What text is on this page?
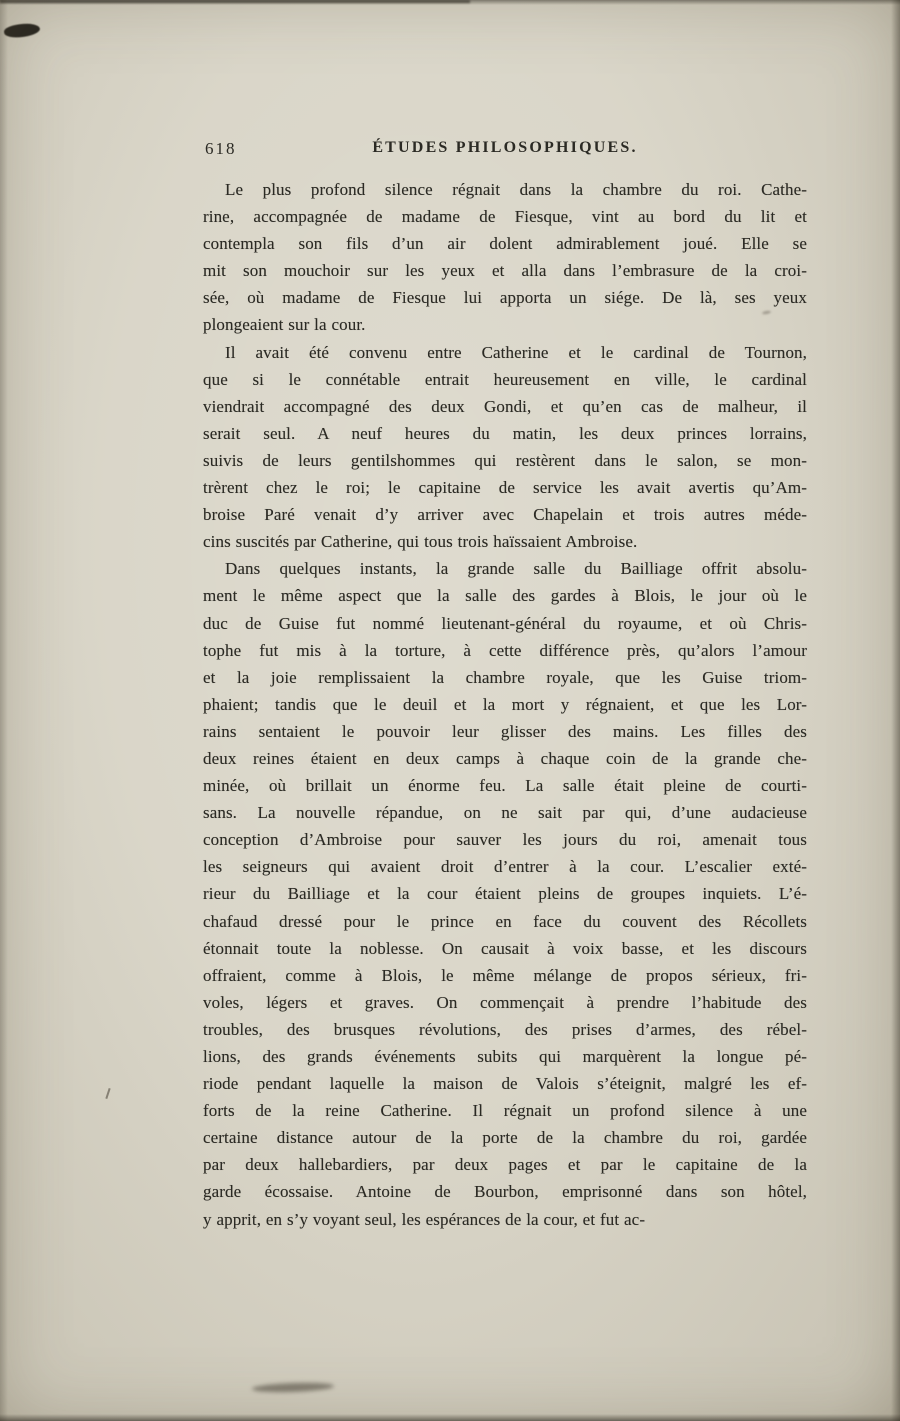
618	ÉTUDES PHILOSOPHIQUES.
Le plus profond silence régnait dans la chambre du roi. Cathe-
rine, accompagnée de madame de Fiesque, vint au bord du lit et
contempla son fils d’un air dolent admirablement joué. Elle se
mit son mouchoir sur les yeux et alla dans l’embrasure de la croi-
sée, où madame de Fiesque lui apporta un siége. De là, ses yeux
plongeaient sur la cour.
Il avait été convenu entre Catherine et le cardinal de Tournon,
que si le connétable entrait heureusement en ville, le cardinal
viendrait accompagné des deux Gondi, et qu’en cas de malheur, il
serait seul. A neuf heures du matin, les deux princes lorrains,
suivis de leurs gentilshommes qui restèrent dans le salon, se mon-
trèrent chez le roi; le capitaine de service les avait avertis qu’Am-
broise Paré venait d’y arriver avec Chapelain et trois autres méde-
cins suscités par Catherine, qui tous trois haïssaient Ambroise.
Dans quelques instants, la grande salle du Bailliage offrit absolu-
ment le même aspect que la salle des gardes à Blois, le jour où le
duc de Guise fut nommé lieutenant-général du royaume, et où Chris-
tophe fut mis à la torture, à cette différence près, qu’alors l’amour
et la joie remplissaient la chambre royale, que les Guise triom-
phaient; tandis que le deuil et la mort y régnaient, et que les Lor-
rains sentaient le pouvoir leur glisser des mains. Les filles des
deux reines étaient en deux camps à chaque coin de la grande che-
minée, où brillait un énorme feu. La salle était pleine de courti-
sans. La nouvelle répandue, on ne sait par qui, d’une audacieuse
conception d’Ambroise pour sauver les jours du roi, amenait tous
les seigneurs qui avaient droit d’entrer à la cour. L’escalier exté-
rieur du Bailliage et la cour étaient pleins de groupes inquiets. L’é-
chafaud dressé pour le prince en face du couvent des Récollets
étonnait toute la noblesse. On causait à voix basse, et les discours
offraient, comme à Blois, le même mélange de propos sérieux, fri-
voles, légers et graves. On commençait à prendre l’habitude des
troubles, des brusques révolutions, des prises d’armes, des rébel-
lions, des grands événements subits qui marquèrent la longue pé-
riode pendant laquelle la maison de Valois s’éteignit, malgré les ef-
forts de la reine Catherine. Il régnait un profond silence à une
certaine distance autour de la porte de la chambre du roi, gardée
par deux hallebardiers, par deux pages et par le capitaine de la
garde écossaise. Antoine de Bourbon, emprisonné dans son hôtel,
y apprit, en s’y voyant seul, les espérances de la cour, et fut ac-
